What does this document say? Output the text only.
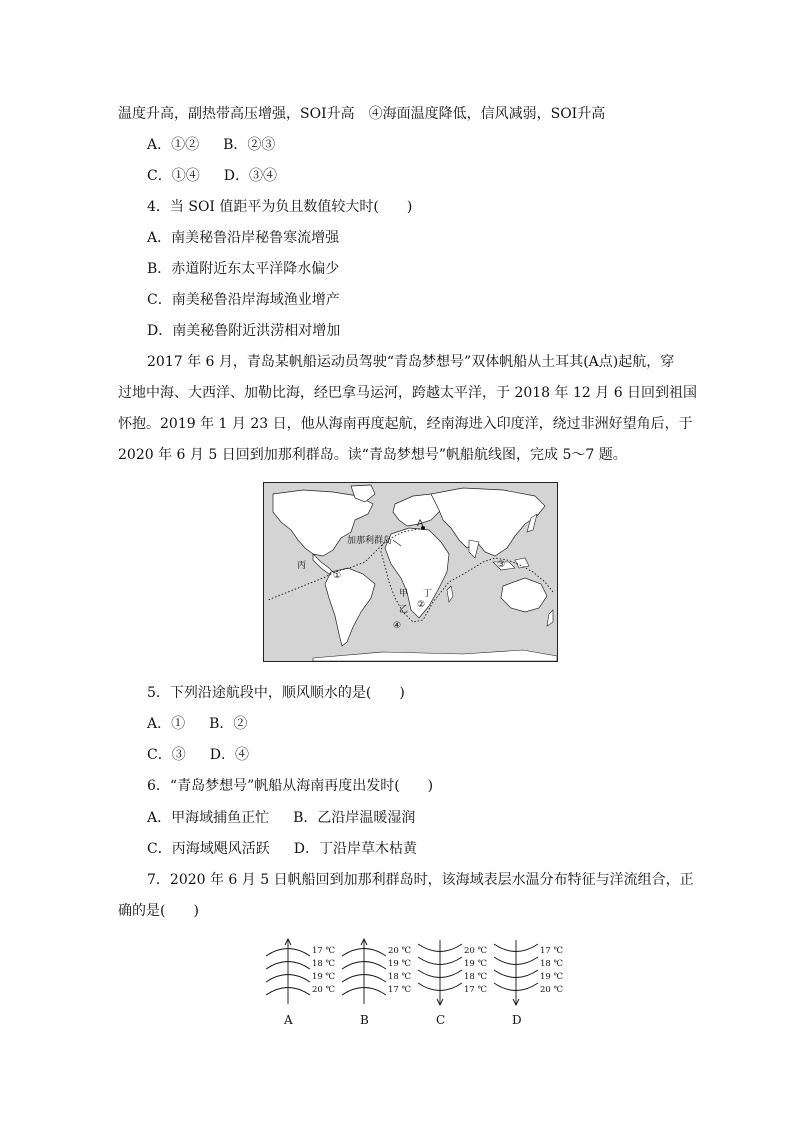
温度升高，副热带高压增强，SOI升高　④海面温度降低，信风减弱，SOI升高
A．①② B．②③
C．①④ D．③④
4．当 SOI 值距平为负且数值较大时(　　)
A．南美秘鲁沿岸秘鲁寒流增强
B．赤道附近东太平洋降水偏少
C．南美秘鲁沿岸海域渔业增产
D．南美秘鲁附近洪涝相对增加
2017 年 6 月，青岛某帆船运动员驾驶“青岛梦想号”双体帆船从土耳其(A点)起航，穿
过地中海、大西洋、加勒比海，经巴拿马运河，跨越太平洋，于 2018 年 12 月 6 日回到祖国
怀抱。2019 年 1 月 23 日，他从海南再度起航，经南海进入印度洋，绕过非洲好望角后，于
2020 年 6 月 5 日回到加那利群岛。读“青岛梦想号”帆船航线图，完成 5～7 题。
加那利群岛
A
丙
甲 丁
乙
①
②
③
④
5．下列沿途航段中，顺风顺水的是(　　)
A．① B．②
C．③ D．④
6．“青岛梦想号”帆船从海南再度出发时(　　)
A．甲海域捕鱼正忙 B．乙沿岸温暖湿润
C．丙海域飓风活跃 D．丁沿岸草木枯黄
7．2020 年 6 月 5 日帆船回到加那利群岛时，该海域表层水温分布特征与洋流组合，正
确的是(　　)
17 ℃
18 ℃
19 ℃
20 ℃
A
20 ℃
19 ℃
18 ℃
17 ℃
B
20 ℃
19 ℃
18 ℃
17 ℃
C
17 ℃
18 ℃
19 ℃
20 ℃
D
